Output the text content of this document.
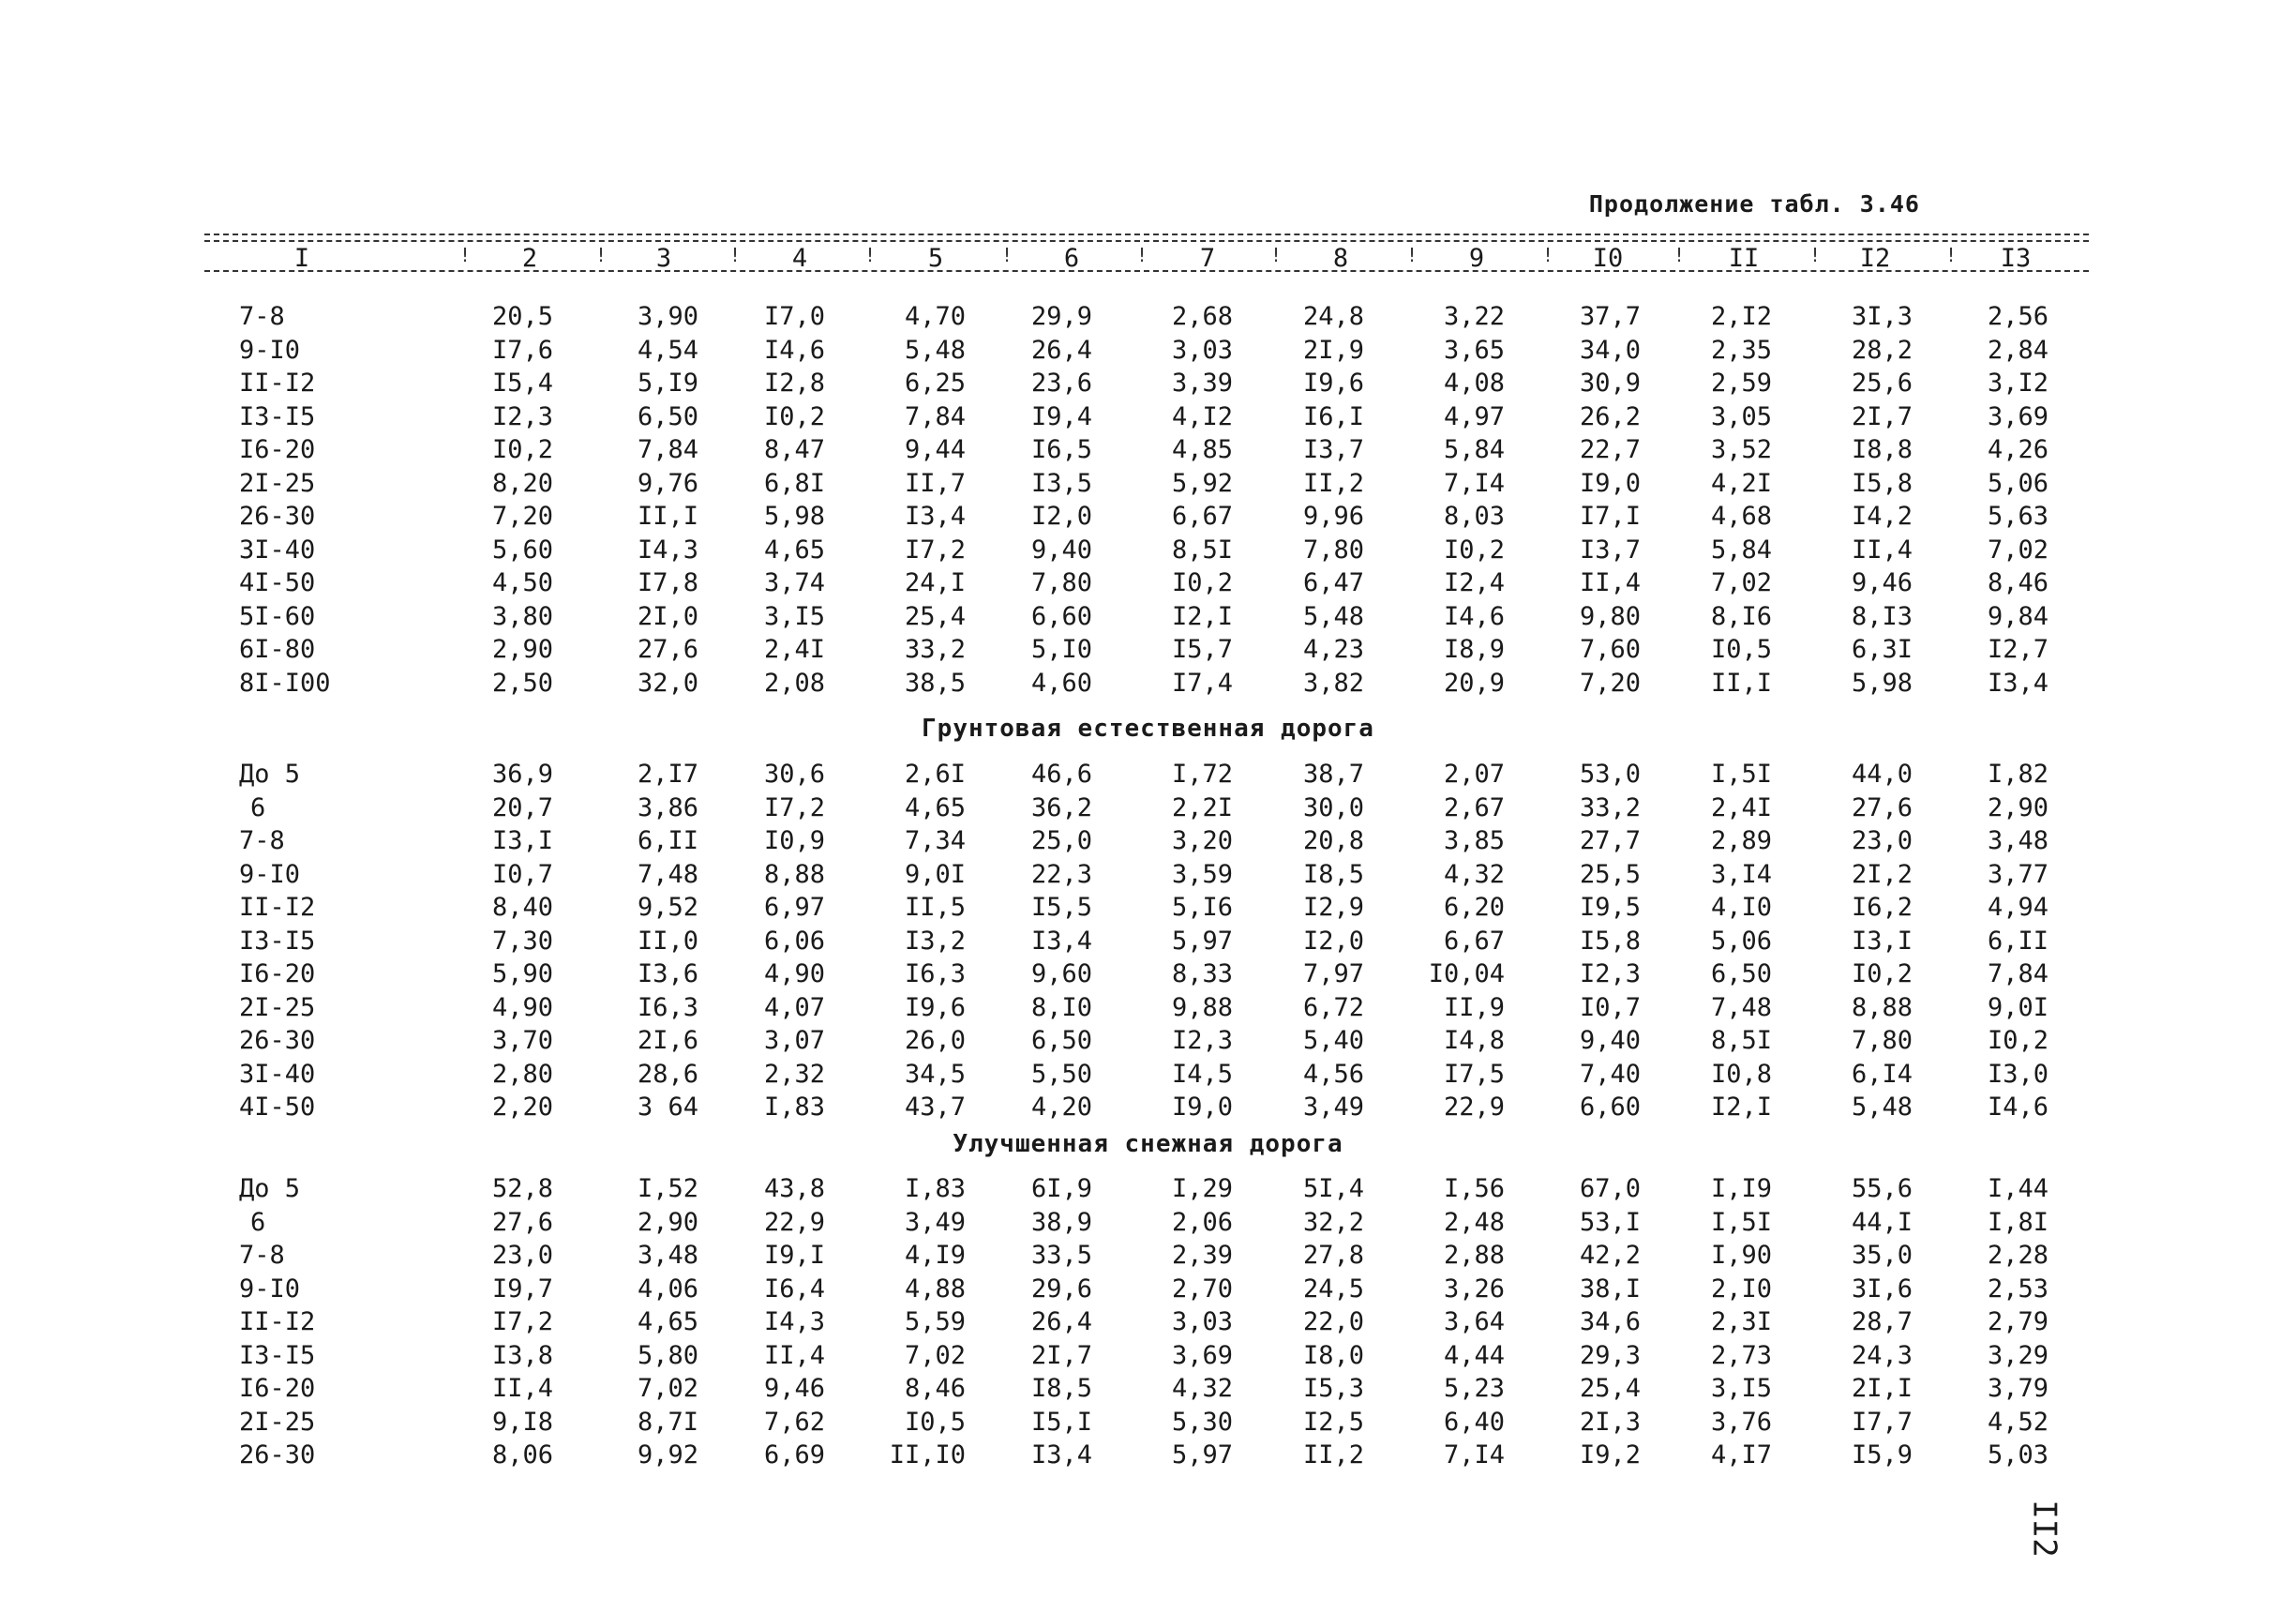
Продолжение табл. 3.46
I	2	3	4	5	6	7	8	9	I0	II	I2	I3
!	!	!	!	!	!	!	!	!	!	!	!
7-8	20,5	3,90	I7,0	4,70	29,9	2,68	24,8	3,22	37,7	2,I2	3I,3	2,56
9-I0	I7,6	4,54	I4,6	5,48	26,4	3,03	2I,9	3,65	34,0	2,35	28,2	2,84
II-I2	I5,4	5,I9	I2,8	6,25	23,6	3,39	I9,6	4,08	30,9	2,59	25,6	3,I2
I3-I5	I2,3	6,50	I0,2	7,84	I9,4	4,I2	I6,I	4,97	26,2	3,05	2I,7	3,69
I6-20	I0,2	7,84	8,47	9,44	I6,5	4,85	I3,7	5,84	22,7	3,52	I8,8	4,26
2I-25	8,20	9,76	6,8I	II,7	I3,5	5,92	II,2	7,I4	I9,0	4,2I	I5,8	5,06
26-30	7,20	II,I	5,98	I3,4	I2,0	6,67	9,96	8,03	I7,I	4,68	I4,2	5,63
3I-40	5,60	I4,3	4,65	I7,2	9,40	8,5I	7,80	I0,2	I3,7	5,84	II,4	7,02
4I-50	4,50	I7,8	3,74	24,I	7,80	I0,2	6,47	I2,4	II,4	7,02	9,46	8,46
5I-60	3,80	2I,0	3,I5	25,4	6,60	I2,I	5,48	I4,6	9,80	8,I6	8,I3	9,84
6I-80	2,90	27,6	2,4I	33,2	5,I0	I5,7	4,23	I8,9	7,60	I0,5	6,3I	I2,7
8I-I00	2,50	32,0	2,08	38,5	4,60	I7,4	3,82	20,9	7,20	II,I	5,98	I3,4
Грунтовая естественная дорога
До 5	36,9	2,I7	30,6	2,6I	46,6	I,72	38,7	2,07	53,0	I,5I	44,0	I,82
6	20,7	3,86	I7,2	4,65	36,2	2,2I	30,0	2,67	33,2	2,4I	27,6	2,90
7-8	I3,I	6,II	I0,9	7,34	25,0	3,20	20,8	3,85	27,7	2,89	23,0	3,48
9-I0	I0,7	7,48	8,88	9,0I	22,3	3,59	I8,5	4,32	25,5	3,I4	2I,2	3,77
II-I2	8,40	9,52	6,97	II,5	I5,5	5,I6	I2,9	6,20	I9,5	4,I0	I6,2	4,94
I3-I5	7,30	II,0	6,06	I3,2	I3,4	5,97	I2,0	6,67	I5,8	5,06	I3,I	6,II
I6-20	5,90	I3,6	4,90	I6,3	9,60	8,33	7,97	I0,04	I2,3	6,50	I0,2	7,84
2I-25	4,90	I6,3	4,07	I9,6	8,I0	9,88	6,72	II,9	I0,7	7,48	8,88	9,0I
26-30	3,70	2I,6	3,07	26,0	6,50	I2,3	5,40	I4,8	9,40	8,5I	7,80	I0,2
3I-40	2,80	28,6	2,32	34,5	5,50	I4,5	4,56	I7,5	7,40	I0,8	6,I4	I3,0
4I-50	2,20	3 64	I,83	43,7	4,20	I9,0	3,49	22,9	6,60	I2,I	5,48	I4,6
Улучшенная снежная дорога
До 5	52,8	I,52	43,8	I,83	6I,9	I,29	5I,4	I,56	67,0	I,I9	55,6	I,44
6	27,6	2,90	22,9	3,49	38,9	2,06	32,2	2,48	53,I	I,5I	44,I	I,8I
7-8	23,0	3,48	I9,I	4,I9	33,5	2,39	27,8	2,88	42,2	I,90	35,0	2,28
9-I0	I9,7	4,06	I6,4	4,88	29,6	2,70	24,5	3,26	38,I	2,I0	3I,6	2,53
II-I2	I7,2	4,65	I4,3	5,59	26,4	3,03	22,0	3,64	34,6	2,3I	28,7	2,79
I3-I5	I3,8	5,80	II,4	7,02	2I,7	3,69	I8,0	4,44	29,3	2,73	24,3	3,29
I6-20	II,4	7,02	9,46	8,46	I8,5	4,32	I5,3	5,23	25,4	3,I5	2I,I	3,79
2I-25	9,I8	8,7I	7,62	I0,5	I5,I	5,30	I2,5	6,40	2I,3	3,76	I7,7	4,52
26-30	8,06	9,92	6,69	II,I0	I3,4	5,97	II,2	7,I4	I9,2	4,I7	I5,9	5,03
II2
